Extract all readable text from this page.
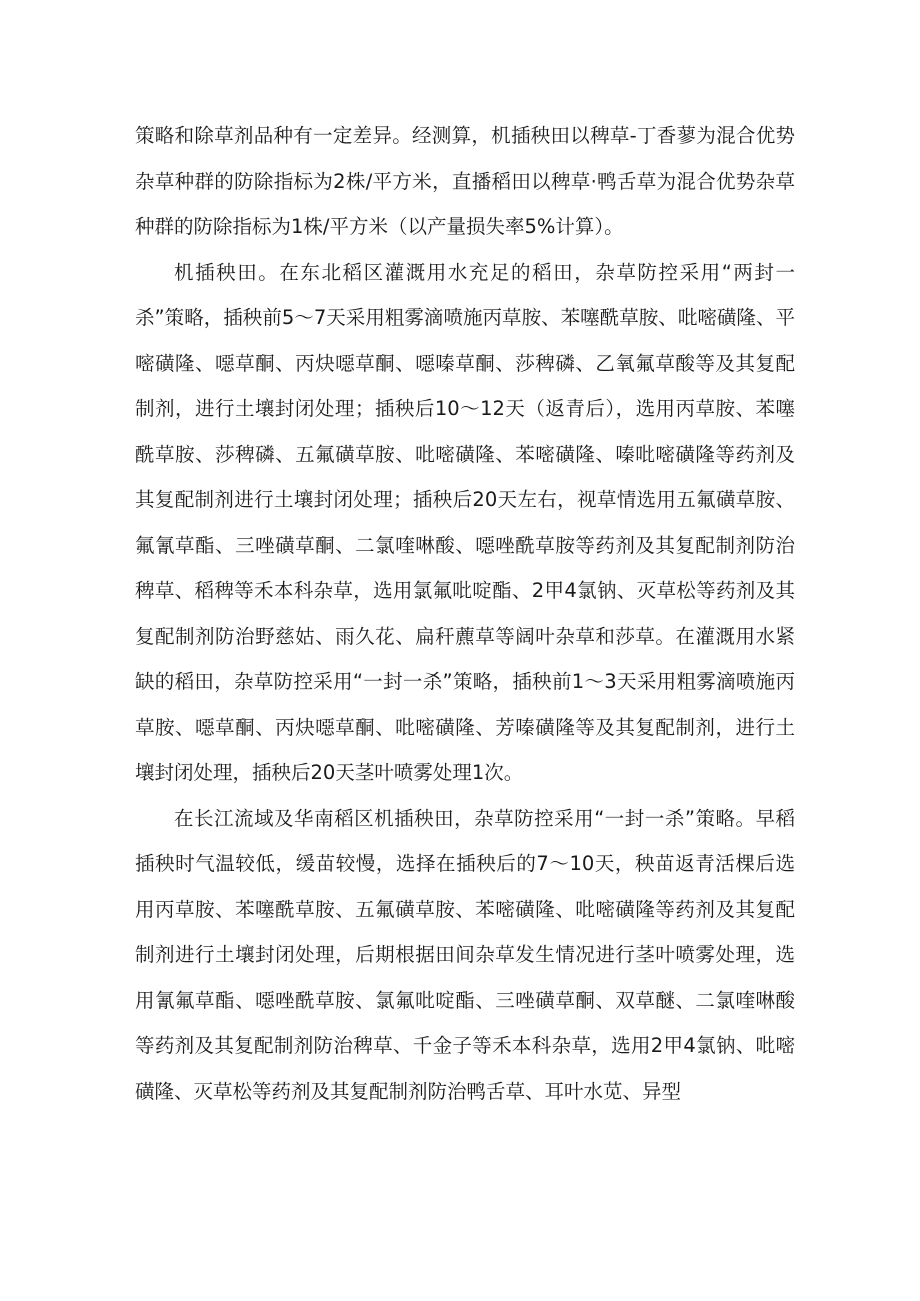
策略和除草剂品种有一定差异。经测算，机插秧田以稗草-丁香蓼为混合优势杂草种群的防除指标为2株/平方米，直播稻田以稗草·鸭舌草为混合优势杂草种群的防除指标为1株/平方米（以产量损失率5%计算）。

机插秧田。在东北稻区灌溉用水充足的稻田，杂草防控采用“两封一杀”策略，插秧前5～7天采用粗雾滴喷施丙草胺、苯噻酰草胺、吡嘧磺隆、平嘧磺隆、噁草酮、丙炔噁草酮、噁嗪草酮、莎稗磷、乙氧氟草酸等及其复配制剂，进行土壤封闭处理；插秧后10～12天（返青后），选用丙草胺、苯噻酰草胺、莎稗磷、五氟磺草胺、吡嘧磺隆、苯嘧磺隆、嗪吡嘧磺隆等药剂及其复配制剂进行土壤封闭处理；插秧后20天左右，视草情选用五氟磺草胺、氟氰草酯、三唑磺草酮、二氯喹啉酸、噁唑酰草胺等药剂及其复配制剂防治稗草、稻稗等禾本科杂草，选用氯氟吡啶酯、2甲4氯钠、灭草松等药剂及其复配制剂防治野慈姑、雨久花、扁秆藨草等阔叶杂草和莎草。在灌溉用水紧缺的稻田，杂草防控采用“一封一杀”策略，插秧前1～3天采用粗雾滴喷施丙草胺、噁草酮、丙炔噁草酮、吡嘧磺隆、芳嗪磺隆等及其复配制剂，进行土壤封闭处理，插秧后20天茎叶喷雾处理1次。

在长江流域及华南稻区机插秧田，杂草防控采用“一封一杀”策略。早稻插秧时气温较低，缓苗较慢，选择在插秧后的7～10天，秧苗返青活棵后选用丙草胺、苯噻酰草胺、五氟磺草胺、苯嘧磺隆、吡嘧磺隆等药剂及其复配制剂进行土壤封闭处理，后期根据田间杂草发生情况进行茎叶喷雾处理，选用氰氟草酯、噁唑酰草胺、氯氟吡啶酯、三唑磺草酮、双草醚、二氯喹啉酸等药剂及其复配制剂防治稗草、千金子等禾本科杂草，选用2甲4氯钠、吡嘧磺隆、灭草松等药剂及其复配制剂防治鸭舌草、耳叶水苋、异型
